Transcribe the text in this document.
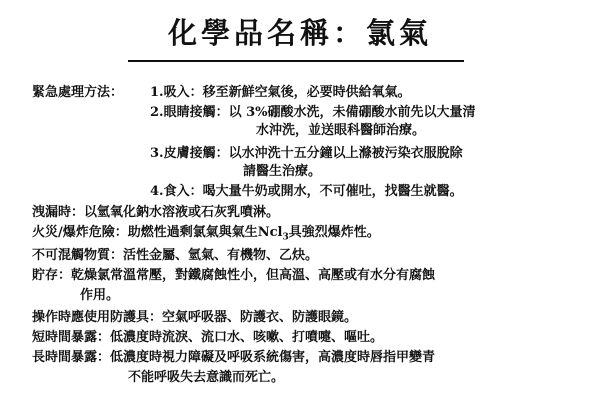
化學品名稱：氯氣
緊急處理方法： 1.吸入：移至新鮮空氣後，必要時供給氧氣。
2.眼睛接觸：以 3%硼酸水洗，未備硼酸水前先以大量清
水沖洗，並送眼科醫師治療。
3.皮膚接觸：以水沖洗十五分鐘以上滌被污染衣服脫除
請醫生治療。
4.食入：喝大量牛奶或開水，不可催吐，找醫生就醫。
洩漏時：以氫氧化鈉水溶液或石灰乳噴淋。
火災/爆炸危險：助燃性過剩氯氣與氣生Ncl$_3$具強烈爆炸性。
不可混觸物質：活性金屬、氫氣、有機物、乙炔。
貯存：乾燥氯常溫常壓，對鐵腐蝕性小，但高溫、高壓或有水分有腐蝕
作用。
操作時應使用防護具：空氣呼吸器、防護衣、防護眼鏡。
短時間暴露：低濃度時流淚、流口水、咳嗽、打噴嚏、嘔吐。
長時間暴露：低濃度時視力障礙及呼吸系統傷害，高濃度時唇指甲變青
不能呼吸失去意識而死亡。
